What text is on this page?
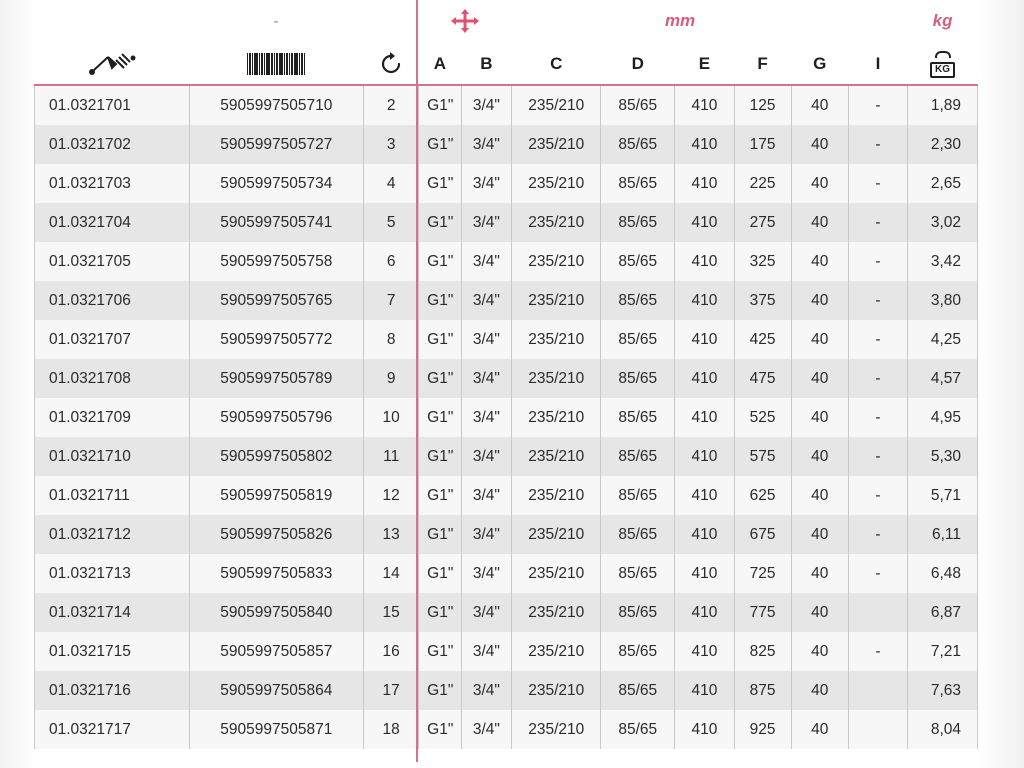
	-				mm						kg

	A	B	C	D	E	F	G	I	KG
01.0321701	5905997505710	2	G1"	3/4"	235/210	85/65	410	125	40	-	1,89
01.0321702	5905997505727	3	G1"	3/4"	235/210	85/65	410	175	40	-	2,30
01.0321703	5905997505734	4	G1"	3/4"	235/210	85/65	410	225	40	-	2,65
01.0321704	5905997505741	5	G1"	3/4"	235/210	85/65	410	275	40	-	3,02
01.0321705	5905997505758	6	G1"	3/4"	235/210	85/65	410	325	40	-	3,42
01.0321706	5905997505765	7	G1"	3/4"	235/210	85/65	410	375	40	-	3,80
01.0321707	5905997505772	8	G1"	3/4"	235/210	85/65	410	425	40	-	4,25
01.0321708	5905997505789	9	G1"	3/4"	235/210	85/65	410	475	40	-	4,57
01.0321709	5905997505796	10	G1"	3/4"	235/210	85/65	410	525	40	-	4,95
01.0321710	5905997505802	11	G1"	3/4"	235/210	85/65	410	575	40	-	5,30
01.0321711	5905997505819	12	G1"	3/4"	235/210	85/65	410	625	40	-	5,71
01.0321712	5905997505826	13	G1"	3/4"	235/210	85/65	410	675	40	-	6,11
01.0321713	5905997505833	14	G1"	3/4"	235/210	85/65	410	725	40	-	6,48
01.0321714	5905997505840	15	G1"	3/4"	235/210	85/65	410	775	40		6,87
01.0321715	5905997505857	16	G1"	3/4"	235/210	85/65	410	825	40	-	7,21
01.0321716	5905997505864	17	G1"	3/4"	235/210	85/65	410	875	40		7,63
01.0321717	5905997505871	18	G1"	3/4"	235/210	85/65	410	925	40		8,04
